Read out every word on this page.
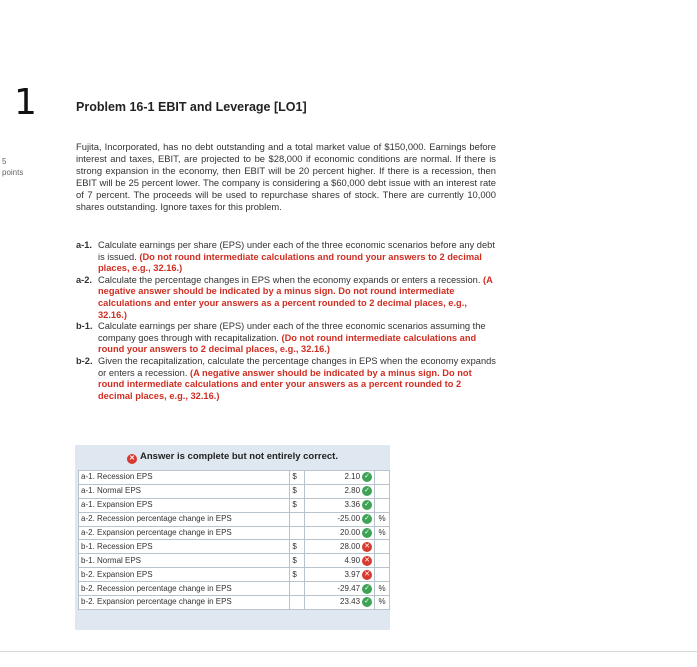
1
5
points
Problem 16-1 EBIT and Leverage [LO1]
Fujita, Incorporated, has no debt outstanding and a total market value of $150,000. Earnings before interest and taxes, EBIT, are projected to be $28,000 if economic conditions are normal. If there is strong expansion in the economy, then EBIT will be 20 percent higher. If there is a recession, then EBIT will be 25 percent lower. The company is considering a $60,000 debt issue with an interest rate of 7 percent. The proceeds will be used to repurchase shares of stock. There are currently 10,000 shares outstanding. Ignore taxes for this problem.
a-1. Calculate earnings per share (EPS) under each of the three economic scenarios before any debt is issued. (Do not round intermediate calculations and round your answers to 2 decimal places, e.g., 32.16.)
a-2. Calculate the percentage changes in EPS when the economy expands or enters a recession. (A negative answer should be indicated by a minus sign. Do not round intermediate calculations and enter your answers as a percent rounded to 2 decimal places, e.g., 32.16.)
b-1. Calculate earnings per share (EPS) under each of the three economic scenarios assuming the company goes through with recapitalization. (Do not round intermediate calculations and round your answers to 2 decimal places, e.g., 32.16.)
b-2. Given the recapitalization, calculate the percentage changes in EPS when the economy expands or enters a recession. (A negative answer should be indicated by a minus sign. Do not round intermediate calculations and enter your answers as a percent rounded to 2 decimal places, e.g., 32.16.)
✕ Answer is complete but not entirely correct.
a-1. Recession EPS	$	2.10 ✓	
a-1. Normal EPS	$	2.80 ✓	
a-1. Expansion EPS	$	3.36 ✓	
a-2. Recession percentage change in EPS		-25.00 ✓	%
a-2. Expansion percentage change in EPS		20.00 ✓	%
b-1. Recession EPS	$	28.00 ✕	
b-1. Normal EPS	$	4.90 ✕	
b-2. Expansion EPS	$	3.97 ✕	
b-2. Recession percentage change in EPS		-29.47 ✓	%
b-2. Expansion percentage change in EPS		23.43 ✓	%
